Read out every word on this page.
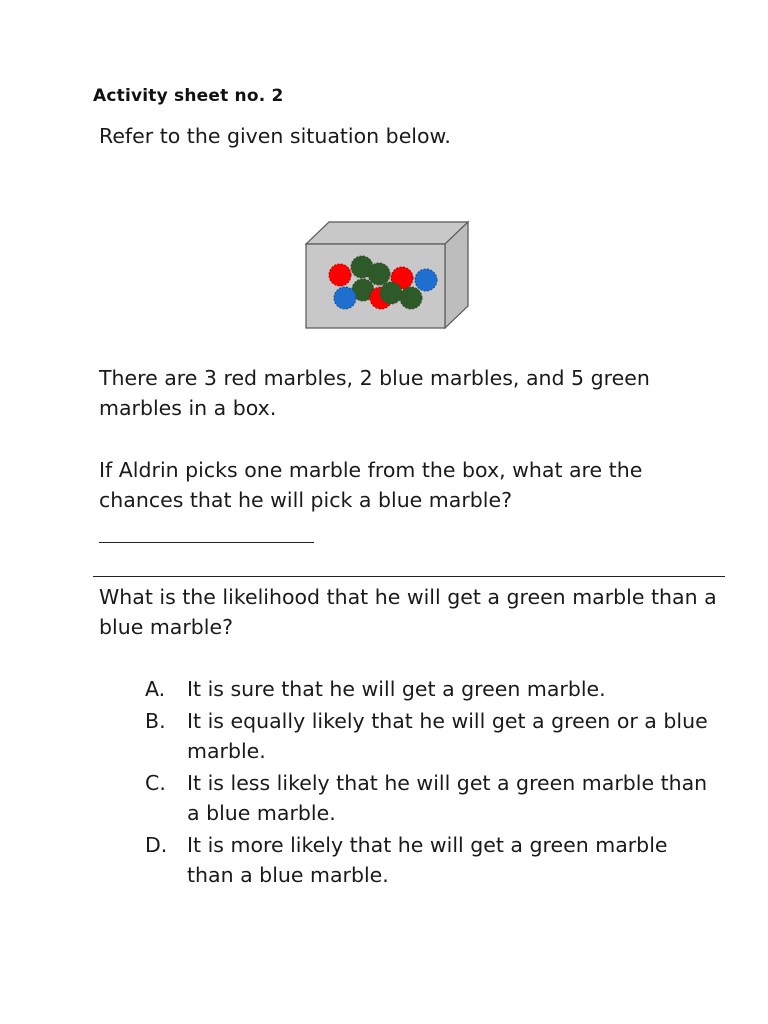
Activity sheet no. 2
Refer to the given situation below.
There are 3 red marbles, 2 blue marbles, and 5 green marbles in a box.
If Aldrin picks one marble from the box, what are the chances that he will pick a blue marble?
What is the likelihood that he will get a green marble than a blue marble?
A.	It is sure that he will get a green marble.
B.	It is equally likely that he will get a green or a blue marble.
C.	It is less likely that he will get a green marble than a blue marble.
D. It is more likely that he will get a green marble than a blue marble.
